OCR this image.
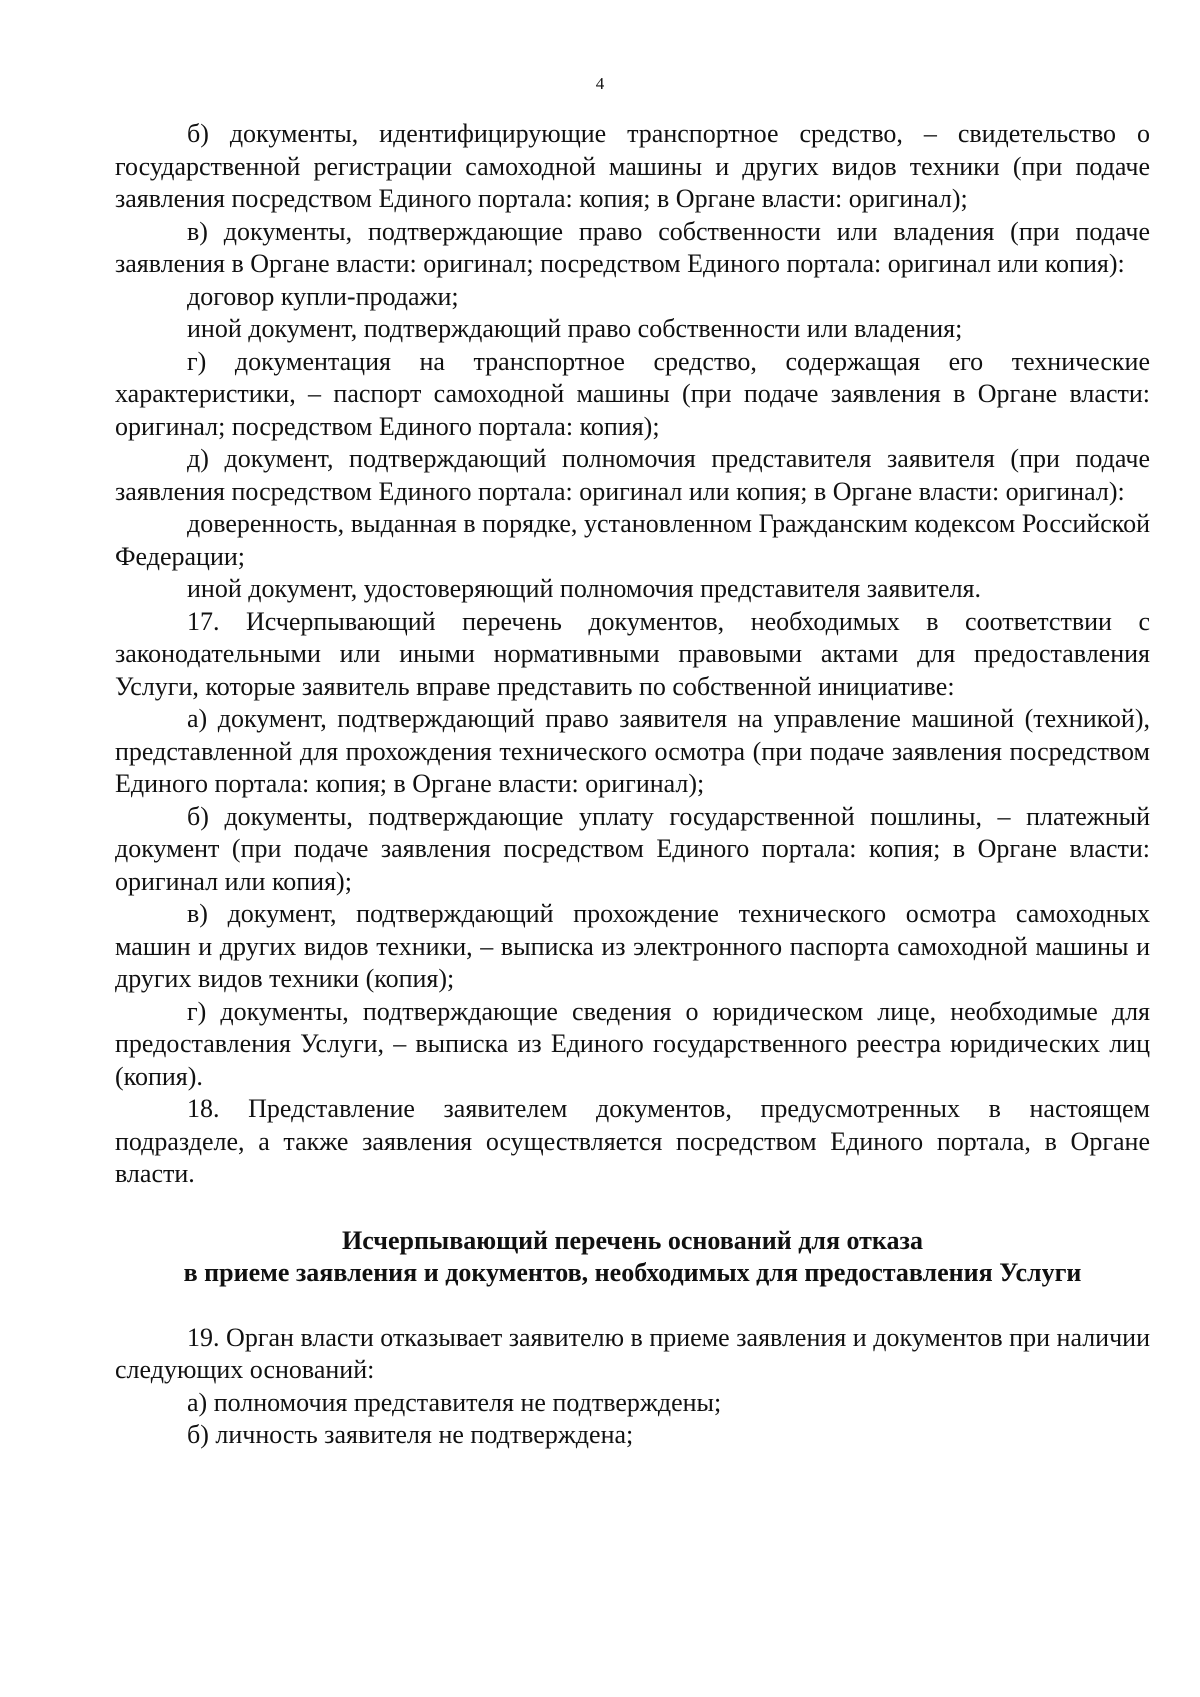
4

б) документы, идентифицирующие транспортное средство, – свидетельство о государственной регистрации самоходной машины и других видов техники (при подаче заявления посредством Единого портала: копия; в Органе власти: оригинал);

в) документы, подтверждающие право собственности или владения (при подаче заявления в Органе власти: оригинал; посредством Единого портала: оригинал или копия):

договор купли-продажи;

иной документ, подтверждающий право собственности или владения;

г) документация на транспортное средство, содержащая его технические характеристики, – паспорт самоходной машины (при подаче заявления в Органе власти: оригинал; посредством Единого портала: копия);

д) документ, подтверждающий полномочия представителя заявителя (при подаче заявления посредством Единого портала: оригинал или копия; в Органе власти: оригинал):

доверенность, выданная в порядке, установленном Гражданским кодексом Российской Федерации;

иной документ, удостоверяющий полномочия представителя заявителя.

17. Исчерпывающий перечень документов, необходимых в соответствии с законодательными или иными нормативными правовыми актами для предоставления Услуги, которые заявитель вправе представить по собственной инициативе:

а) документ, подтверждающий право заявителя на управление машиной (техникой), представленной для прохождения технического осмотра (при подаче заявления посредством Единого портала: копия; в Органе власти: оригинал);

б) документы, подтверждающие уплату государственной пошлины, – платежный документ (при подаче заявления посредством Единого портала: копия; в Органе власти: оригинал или копия);

в) документ, подтверждающий прохождение технического осмотра самоходных машин и других видов техники, – выписка из электронного паспорта самоходной машины и других видов техники (копия);

г) документы, подтверждающие сведения о юридическом лице, необходимые для предоставления Услуги, – выписка из Единого государственного реестра юридических лиц (копия).

18. Представление заявителем документов, предусмотренных в настоящем подразделе, а также заявления осуществляется посредством Единого портала, в Органе власти.

Исчерпывающий перечень оснований для отказа
в приеме заявления и документов, необходимых для предоставления Услуги

19. Орган власти отказывает заявителю в приеме заявления и документов при наличии следующих оснований:

а) полномочия представителя не подтверждены;

б) личность заявителя не подтверждена;
